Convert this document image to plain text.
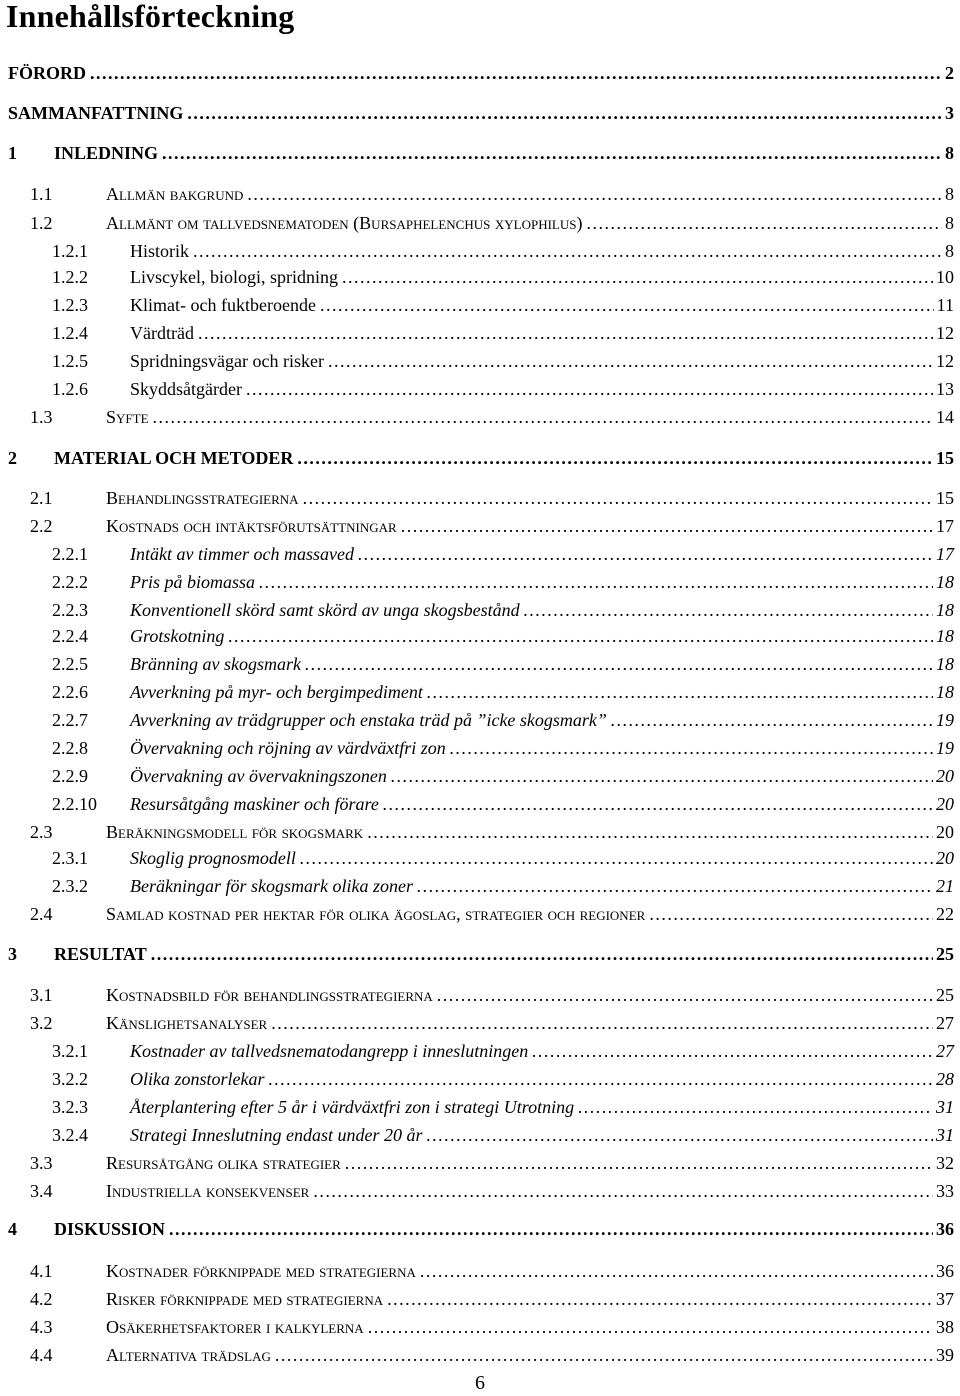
Innehållsförteckning
FÖRORD . . .	2
SAMMANFATTNING . . .	3
1 INLEDNING . . .	8
1.1	Allmän bakgrund . . .	8
1.2	Allmänt om tallvedsnematoden (Bursaphelenchus xylophilus) . . .	8
1.2.1 Historik . . .	8
1.2.2 Livscykel, biologi, spridning . . .	10
1.2.3 Klimat- och fuktberoende . . .	11
1.2.4 Värdträd . . .	12
1.2.5 Spridningsvägar och risker . . .	12
1.2.6 Skyddsåtgärder . . .	13
1.3	Syfte . . .	14
2 MATERIAL OCH METODER . . .	15
2.1	Behandlingsstrategierna . . .	15
2.2	Kostnads och intäktsförutsättningar . . .	17
2.2.1 Intäkt av timmer och massaved . . .	17
2.2.2 Pris på biomassa . . .	18
2.2.3 Konventionell skörd samt skörd av unga skogsbestånd . . .	18
2.2.4 Grotskotning . . .	18
2.2.5 Bränning av skogsmark . . .	18
2.2.6 Avverkning på myr- och bergimpediment . . .	18
2.2.7 Avverkning av trädgrupper och enstaka träd på ”icke skogsmark” . . .	19
2.2.8 Övervakning och röjning av värdväxtfri zon . . .	19
2.2.9 Övervakning av övervakningszonen . . .	20
2.2.10 Resursåtgång maskiner och förare . . .	20
2.3	Beräkningsmodell för skogsmark . . .	20
2.3.1 Skoglig prognosmodell . . .	20
2.3.2 Beräkningar för skogsmark olika zoner . . .	21
2.4	Samlad kostnad per hektar för olika ägoslag, strategier och regioner . . .	22
3 RESULTAT . . .	25
3.1	Kostnadsbild för behandlingsstrategierna . . .	25
3.2	Känslighetsanalyser . . .	27
3.2.1 Kostnader av tallvedsnematodangrepp i inneslutningen . . .	27
3.2.2 Olika zonstorlekar . . .	28
3.2.3 Återplantering efter 5 år i värdväxtfri zon i strategi Utrotning . . .	31
3.2.4 Strategi Inneslutning endast under 20 år . . .	31
3.3	Resursåtgång olika strategier . . .	32
3.4	Industriella konsekvenser . . .	33
4 DISKUSSION . . .	36
4.1	Kostnader förknippade med strategierna . . .	36
4.2	Risker förknippade med strategierna . . .	37
4.3	Osäkerhetsfaktorer i kalkylerna . . .	38
4.4	Alternativa trädslag . . .	39
6
